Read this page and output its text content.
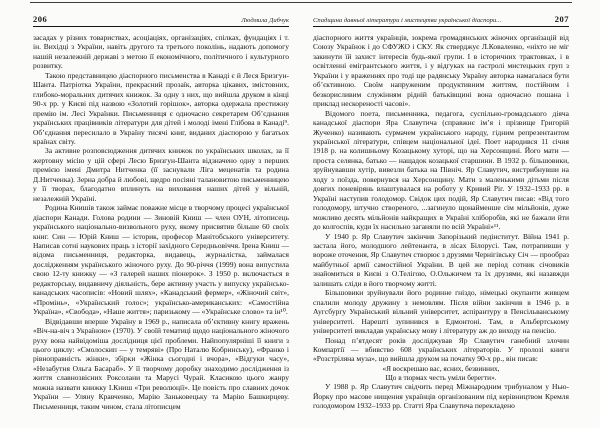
206	Людмила Дибчук

засадах у різних товариствах, асоціаціях, організаціях, спілках, фундаціях і т. ін. Вихідці з України, навіть другого та третього поколінь, надають допомогу нашій незалежній державі з метою її економічного, політичного і культурного розвитку.

Такою представницею діаспорного письменства в Канаді є й Леся Бризгун-Шанта. Патріотка України, прекрасний прозаїк, авторка цікавих, змістовних, глибоко-моральних дитячих книжок. За одну з них, що вийшла друком в кінці 90-х рр. у Києві під назвою «Золотий горішок», авторка одержала престижну премію ім. Лесі Українки. Письменниця є одночасно секретарем Об’єднання українських працівників літератури для дітей і молоді імені Глібова в Канаді⁹. Об’єднання пересилало в Україну тисячі книг, виданих діаспорою у багатьох країнах світу.

За активне розповсюдження дитячих книжок по українських школах, за її жертовну місію у цій сфері Лесю Бризгун-Шанта відзначено одну з перших премією імені Дмитра Нитченка (її заснували Ліга меценатів та родина Д.Нитченка). Зерна добра й любові, щедро посіяні талановитою письменницею у її творах, благодатно вплинуть на виховання наших дітей у вільній, незалежній Україні.

Родина Книшів також займає поважне місце в творчому процесі української діаспори Канади. Голова родини — Зиновій Книш — член ОУН, літописець українського національно-визвольного руху, якому присвятив більше 60 своїх книг. Син — Юрій Книш — історик, професор Манітобського університету. Написав сотні наукових праць з історії західного Середньовіччя. Ірена Книш — відома письменниця, редакторка, видавець, журналістка, займалася дослідженням українського жіночого руху. До 90-річчя (1999) вона випустила свою 12-ту книжку — «З галерей наших піонерок». З 1950 р. включається в редакторську, видавничу діяльність, бере активну участь у випуску українсько-канадських часописів: «Новий шлях», «Канадський фермер», «Жіночий світ», «Промінь», «Український голос»; українсько-американських: «Самостійна Україна», «Свобода», «Наше життя»; паризькому — «Українське слово» та ін¹⁰.

Відвідавши вперше Україну в 1969 р., написала об’єктивну книгу вражень «Віч-на-віч з Україною» (1970). У своїй тематиці щодо національного жіночого руху вона найвідоміша дослідниця цієї проблеми. Найпопулярніші її книги з цього циклу: «Смолоскип — у темряві» (Про Наталю Кобринську), «Франко і рівноправність жінки», збірки «Жінка сьогодні і вчора», «Відгуки часу», «Незабутня Ольга Басараб». У її творчому доробку знаходимо дослідження із життя славнозвісних Роксолани та Марусі Чурай. Класикою цього жанру можна назвати книжку І.Книш «Три революції». Це повість про славних дочок України — Уляну Кравченко, Марію Заньковецьку та Марію Башкирцеву. Письменниця, таким чином, стала літописцем

Спадщина давньої літератури і мистецтва української діаспори...	207

діаспорного життя українців, зокрема громадянських жіночих організацій від Союзу Українок і до СФУЖО і СКУ. Як стверджує Л.Коваленко, «ніхто не міг закинути їй захист інтересів будь-якої групи. І в історичних трактовках, і в освітленні емігрантського життя, і у відгуках на гастролі мистецьких груп з України і у враженнях про тоді ще радянську Україну авторка намагалася бути об’єктивною. Своїм напруженим продуктивним життям, постійним і безкорисливим служінням рідній батьківщині вона одночасно пошана і приклад нескореності часові».

Відомого поета, письменника, педагога, суспільно-громадського діяча канадської діаспори Яра Славутича (справжнє ім’я і прізвище Григорій Жученко) називають сурмачем українського народу, гідним репрезентантом української літератури, співцем національної ідеї. Поет народився 11 січня 1918 р. на колишньому Козацькому хуторі, що на Херсонщині. Його мати — проста селянка, батько — нащадок козацької старшини. В 1932 р. більшовики, зруйнувавши хутір, вивезли батька на Північ. Яр Славутич, вистрибнувши на ходу з поїзда, повернувся на Херсонщину. Мати з маленькими дітьми після довгих поневірянь влаштувалася на роботу у Кривий Ріг. У 1932–1933 рр. в Україні наступив голодомор. Свідок цих подій, Яр Славутич писав: «Від того голодомору, штучно створеного, ...загинуло щонайменше сім мільйонів, дуже можливо десять мільйонів найкращих в Україні хліборобів, які не бажали йти до колгоспів, куди їх насильно заганяли по всій Україні»¹¹.

У 1940 р. Яр Славутич закінчив Запорізький педінститут. Війна 1941 р. застала його, молодшого лейтенанта, в лісах Білорусі. Там, потрапивши у вороже оточення, Яр Славутич створює з друзями Чернігівську Січ — прообраз майбутньої армії самостійної України. В цей же період сотник січовиків знайомиться в Києві з О.Телігою, О.Ольжичем та їх друзями, які назавжди залишать сліди в його творчому житті.

Більшовики зруйнували його родинне гніздо, німецькі окупанти живцем спалили молоду дружину з немовлям. Після війни закінчив в 1946 р. в Аугсбургу Український вільний університет, аспірантуру в Пенсільванському університеті. Нарешті зупинився в Едмонтоні. Там, в Альбертському університеті викладав українську мову і літературу аж до виходу на пенсію.

Понад п’ятдесят років досліджував Яр Славутич ганебний злочин Компартії — вбивство 608 українських літераторів. У пролозі книги «Розстріляна муза», що вийшла друком на початку 90-х рр., він писав:

«Я воскрешаю вас, ясних, безвинних,
Що в тюрмах честь уміли берегти».

У 1988 р. Яр Славутич свідчить перед Міжнародним трибуналом у Нью-Йорку про масове нищення українців організованим під керівництвом Кремля голодомором 1932–1933 рр. Статті Яра Славутича перекладено
